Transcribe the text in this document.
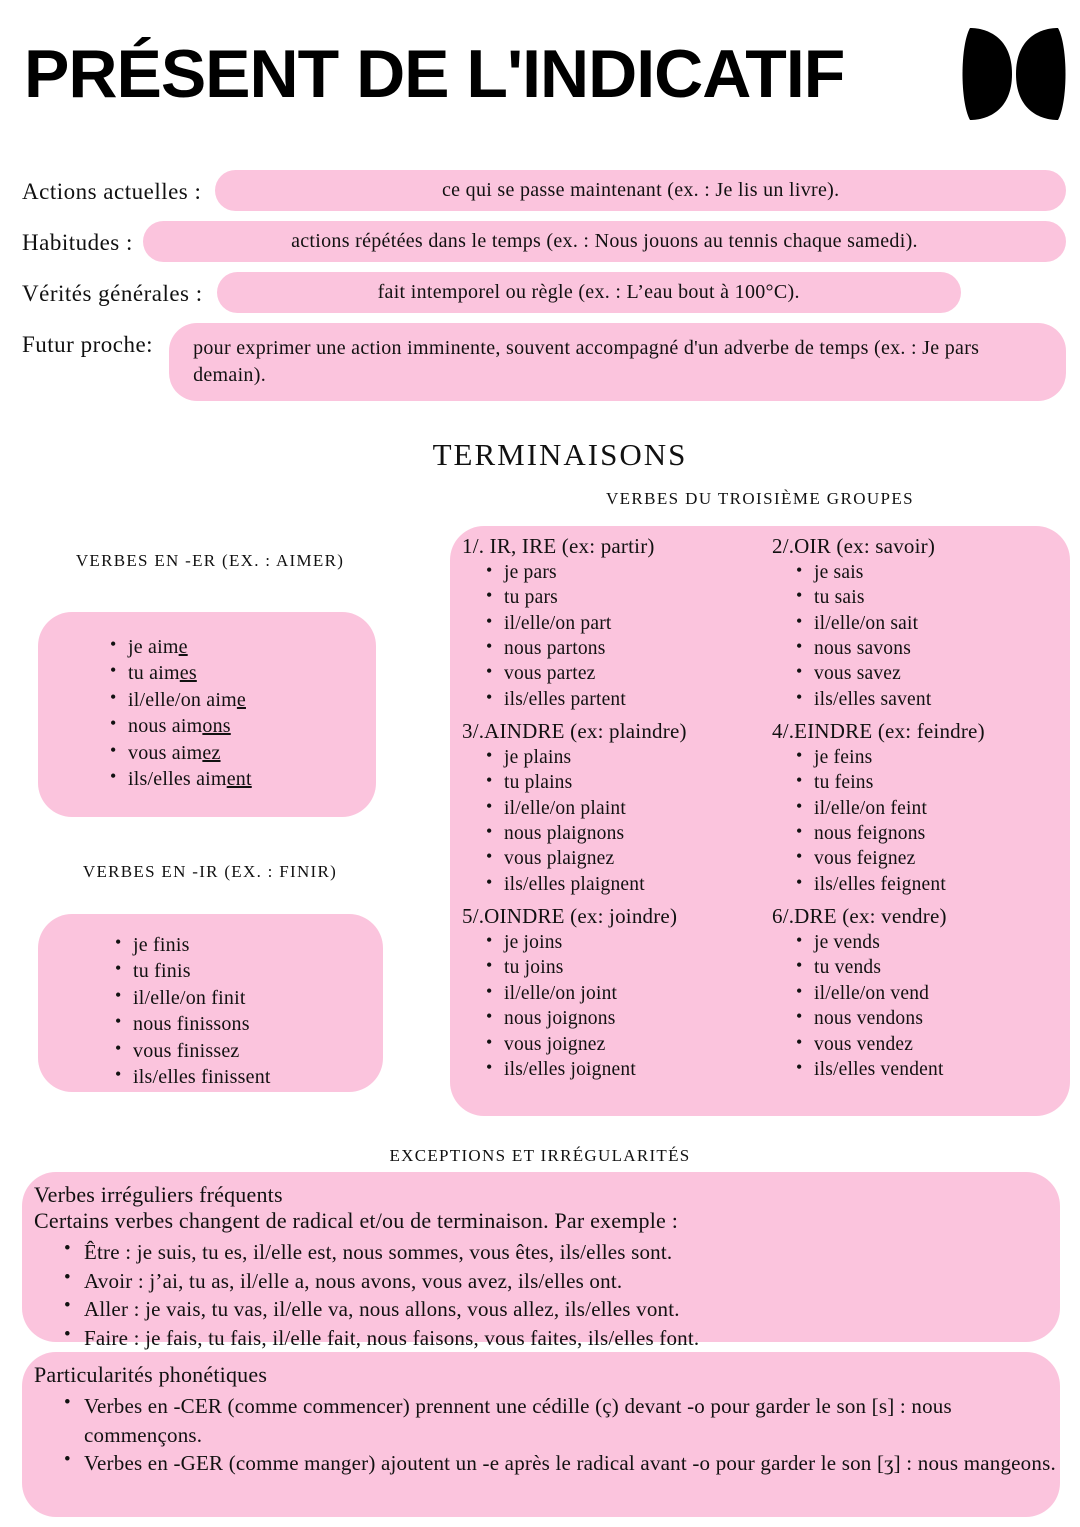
PRÉSENT DE L'INDICATIF
Actions actuelles :	ce qui se passe maintenant (ex. : Je lis un livre).
Habitudes :	actions répétées dans le temps (ex. : Nous jouons au tennis chaque samedi).
Vérités générales :	fait intemporel ou règle (ex. : L’eau bout à 100°C).
Futur proche:	pour exprimer une action imminente, souvent accompagné d'un adverbe de temps (ex. : Je pars demain).
TERMINAISONS
VERBES DU TROISIÈME GROUPES
VERBES EN -ER (EX. : AIMER)
• je aime
• tu aimes
• il/elle/on aime
• nous aimons
• vous aimez
• ils/elles aiment
VERBES EN -IR (EX. : FINIR)
• je finis
• tu finis
• il/elle/on finit
• nous finissons
• vous finissez
• ils/elles finissent
1/. IR, IRE (ex: partir)
• je pars
• tu pars
• il/elle/on part
• nous partons
• vous partez
• ils/elles partent
2/.OIR (ex: savoir)
• je sais
• tu sais
• il/elle/on sait
• nous savons
• vous savez
• ils/elles savent
3/.AINDRE (ex: plaindre)
• je plains
• tu plains
• il/elle/on plaint
• nous plaignons
• vous plaignez
• ils/elles plaignent
4/.EINDRE (ex: feindre)
• je feins
• tu feins
• il/elle/on feint
• nous feignons
• vous feignez
• ils/elles feignent
5/.OINDRE (ex: joindre)
• je joins
• tu joins
• il/elle/on joint
• nous joignons
• vous joignez
• ils/elles joignent
6/.DRE (ex: vendre)
• je vends
• tu vends
• il/elle/on vend
• nous vendons
• vous vendez
• ils/elles vendent
EXCEPTIONS ET IRRÉGULARITÉS
Verbes irréguliers fréquents
Certains verbes changent de radical et/ou de terminaison. Par exemple :
• Être : je suis, tu es, il/elle est, nous sommes, vous êtes, ils/elles sont.
• Avoir : j’ai, tu as, il/elle a, nous avons, vous avez, ils/elles ont.
• Aller : je vais, tu vas, il/elle va, nous allons, vous allez, ils/elles vont.
• Faire : je fais, tu fais, il/elle fait, nous faisons, vous faites, ils/elles font.
Particularités phonétiques
• Verbes en -CER (comme commencer) prennent une cédille (ç) devant -o pour garder le son [s] : nous commençons.
• Verbes en -GER (comme manger) ajoutent un -e après le radical avant -o pour garder le son [ʒ] : nous mangeons.
